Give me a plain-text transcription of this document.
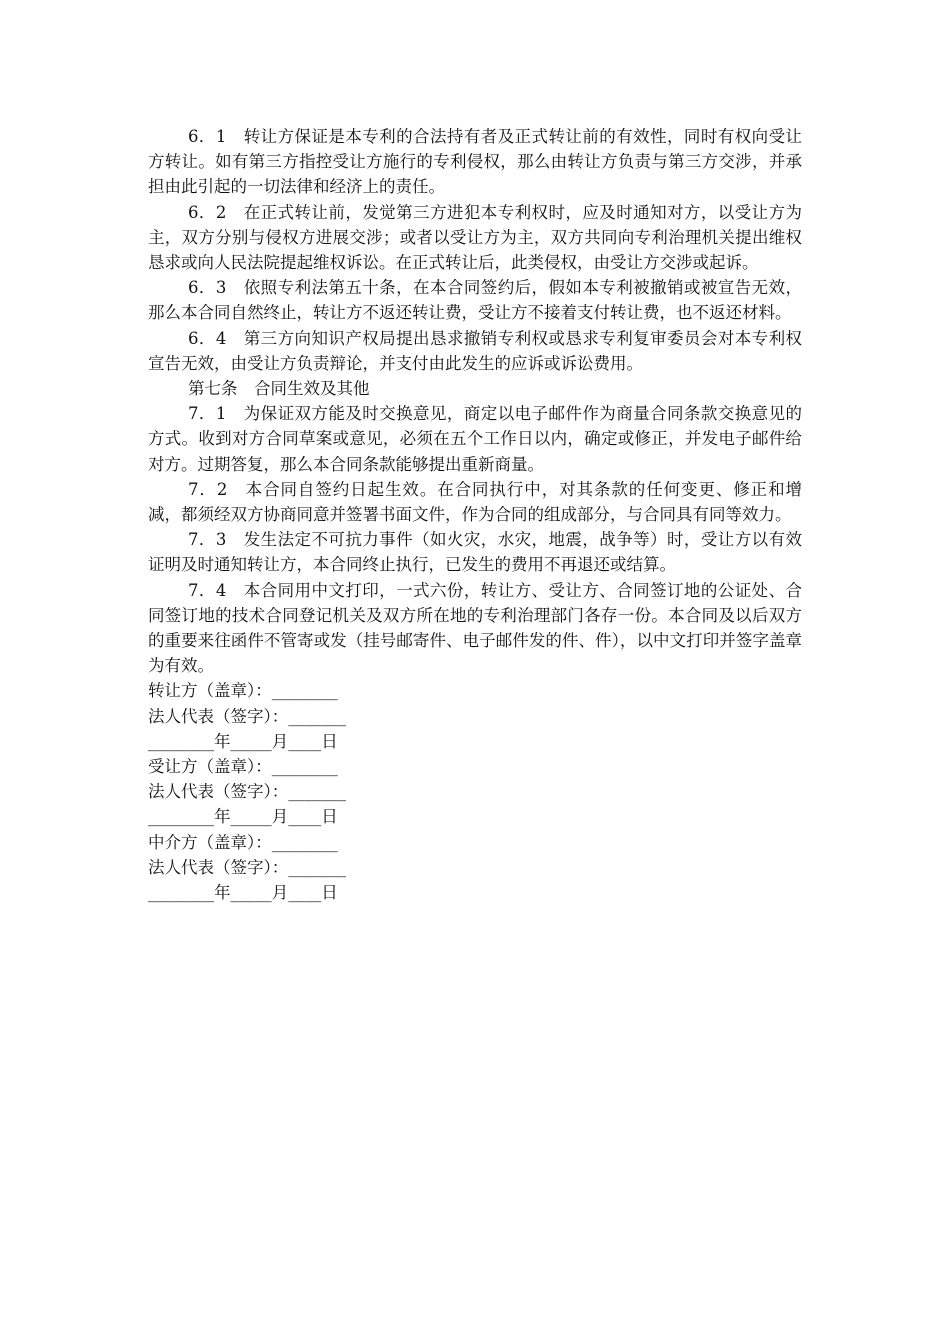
6．1　 转让方保证是本专利的合法持有者及正式转让前的有效性，同时有权向受让方转让。如有第三方指控受让方施行的专利侵权，那么由转让方负责与第三方交涉，并承担由此引起的一切法律和经济上的责任。

6．2　 在正式转让前，发觉第三方进犯本专利权时，应及时通知对方，以受让方为主，双方分别与侵权方进展交涉；或者以受让方为主，双方共同向专利治理机关提出维权恳求或向人民法院提起维权诉讼。在正式转让后，此类侵权，由受让方交涉或起诉。

6．3　 依照专利法第五十条，在本合同签约后，假如本专利被撤销或被宣告无效，那么本合同自然终止，转让方不返还转让费，受让方不接着支付转让费，也不返还材料。

6．4　 第三方向知识产权局提出恳求撤销专利权或恳求专利复审委员会对本专利权宣告无效，由受让方负责辩论，并支付由此发生的应诉或诉讼费用。

第七条　合同生效及其他

7．1　 为保证双方能及时交换意见，商定以电子邮件作为商量合同条款交换意见的方式。收到对方合同草案或意见，必须在五个工作日以内，确定或修正，并发电子邮件给对方。过期答复，那么本合同条款能够提出重新商量。

7．2　 本合同自签约日起生效。在合同执行中，对其条款的任何变更、修正和增减，都须经双方协商同意并签署书面文件，作为合同的组成部分，与合同具有同等效力。

7．3　 发生法定不可抗力事件（如火灾，水灾，地震，战争等）时，受让方以有效证明及时通知转让方，本合同终止执行，已发生的费用不再退还或结算。

7．4　 本合同用中文打印，一式六份，转让方、受让方、合同签订地的公证处、合同签订地的技术合同登记机关及双方所在地的专利治理部门各存一份。本合同及以后双方的重要来往函件不管寄或发（挂号邮寄件、电子邮件发的件、件），以中文打印并签字盖章为有效。

转让方（盖章）：________

法人代表（签字）：_______

________年_____月____日

受让方（盖章）：________

法人代表（签字）：_______

________年_____月____日

中介方（盖章）：________

法人代表（签字）：_______

________年_____月____日
